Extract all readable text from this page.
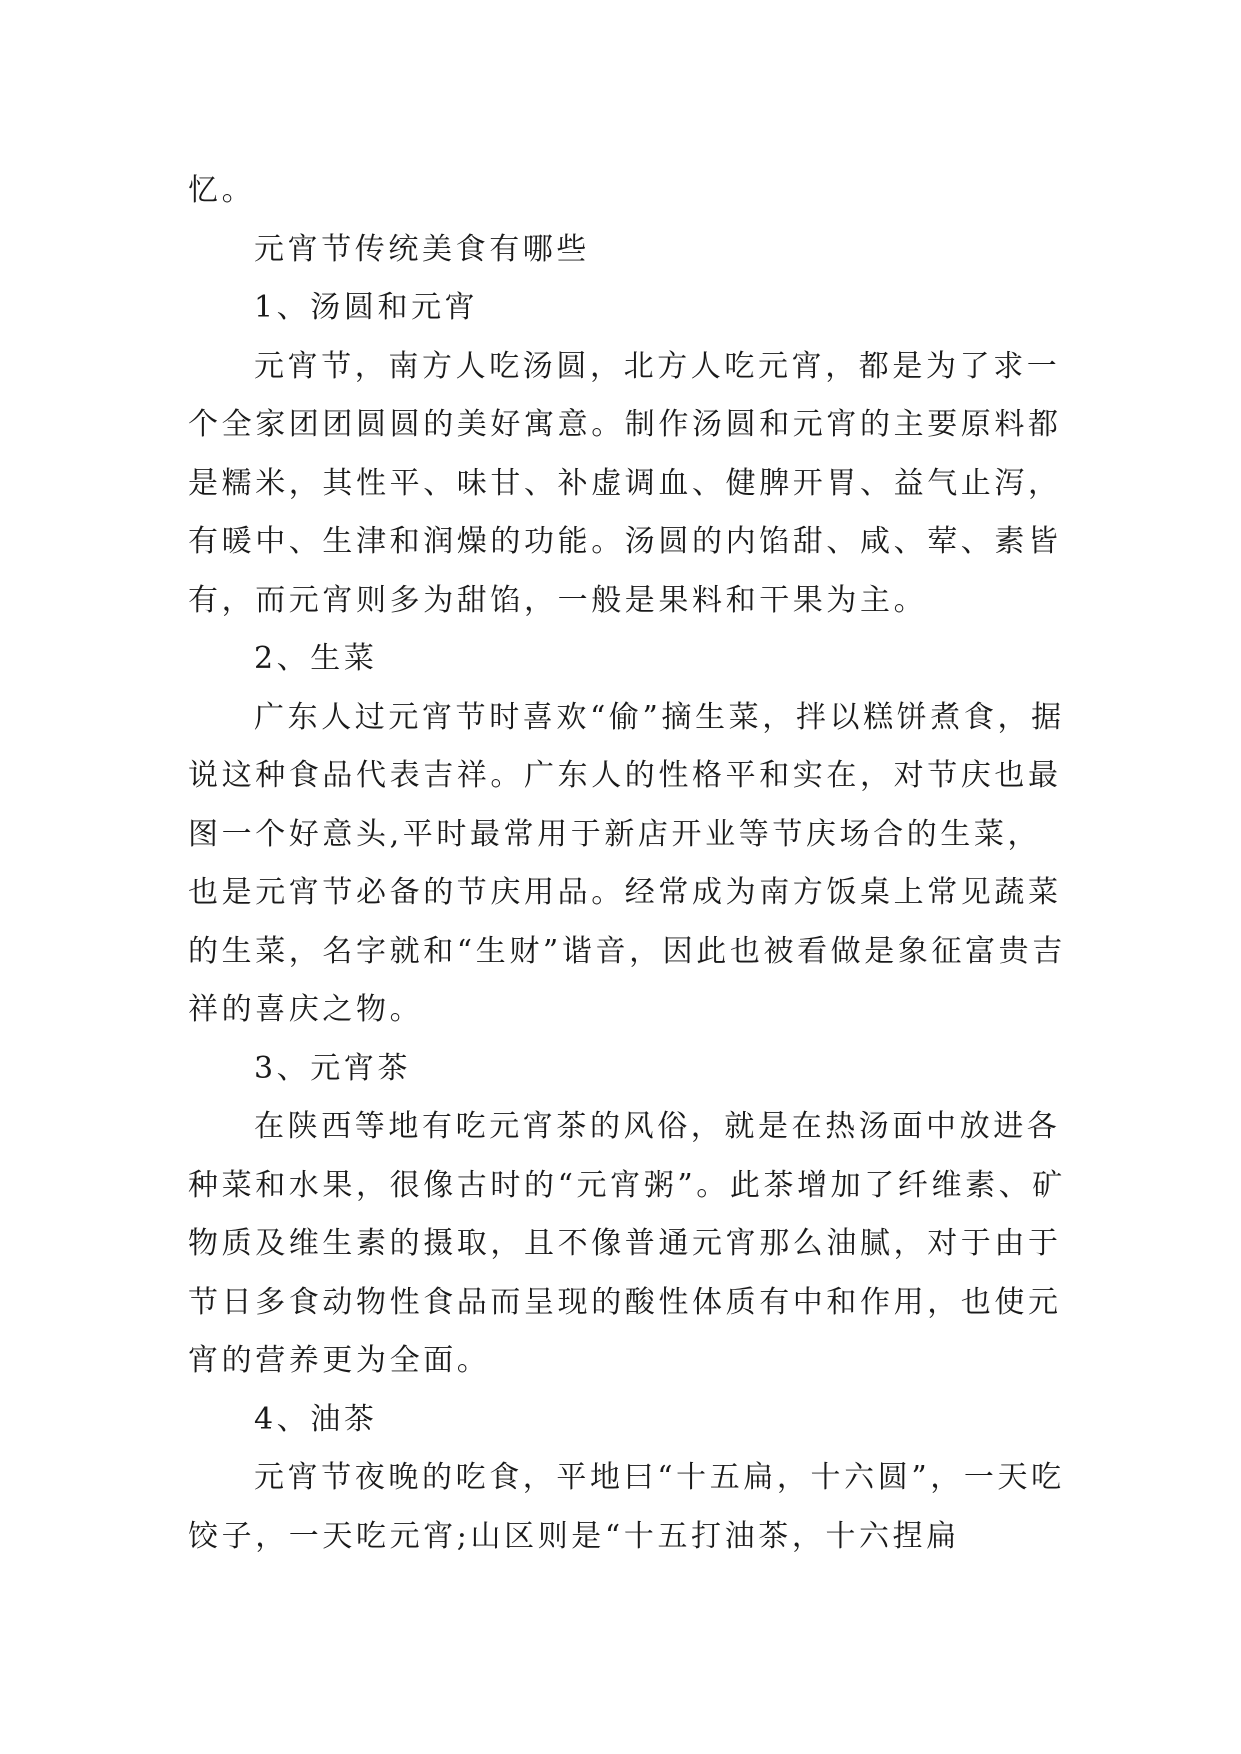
忆。

元宵节传统美食有哪些

1、汤圆和元宵

元宵节，南方人吃汤圆，北方人吃元宵，都是为了求一个全家团团圆圆的美好寓意。制作汤圆和元宵的主要原料都是糯米，其性平、味甘、补虚调血、健脾开胃、益气止泻，有暖中、生津和润燥的功能。汤圆的内馅甜、咸、荤、素皆有，而元宵则多为甜馅，一般是果料和干果为主。

2、生菜

广东人过元宵节时喜欢“偷”摘生菜，拌以糕饼煮食，据说这种食品代表吉祥。广东人的性格平和实在，对节庆也最图一个好意头,平时最常用于新店开业等节庆场合的生菜，也是元宵节必备的节庆用品。经常成为南方饭桌上常见蔬菜的生菜，名字就和“生财”谐音，因此也被看做是象征富贵吉祥的喜庆之物。

3、元宵茶

在陕西等地有吃元宵茶的风俗，就是在热汤面中放进各种菜和水果，很像古时的“元宵粥”。此茶增加了纤维素、矿物质及维生素的摄取，且不像普通元宵那么油腻，对于由于节日多食动物性食品而呈现的酸性体质有中和作用，也使元宵的营养更为全面。

4、油茶

元宵节夜晚的吃食，平地曰“十五扁，十六圆”，一天吃饺子，一天吃元宵;山区则是“十五打油茶，十六捏扁
